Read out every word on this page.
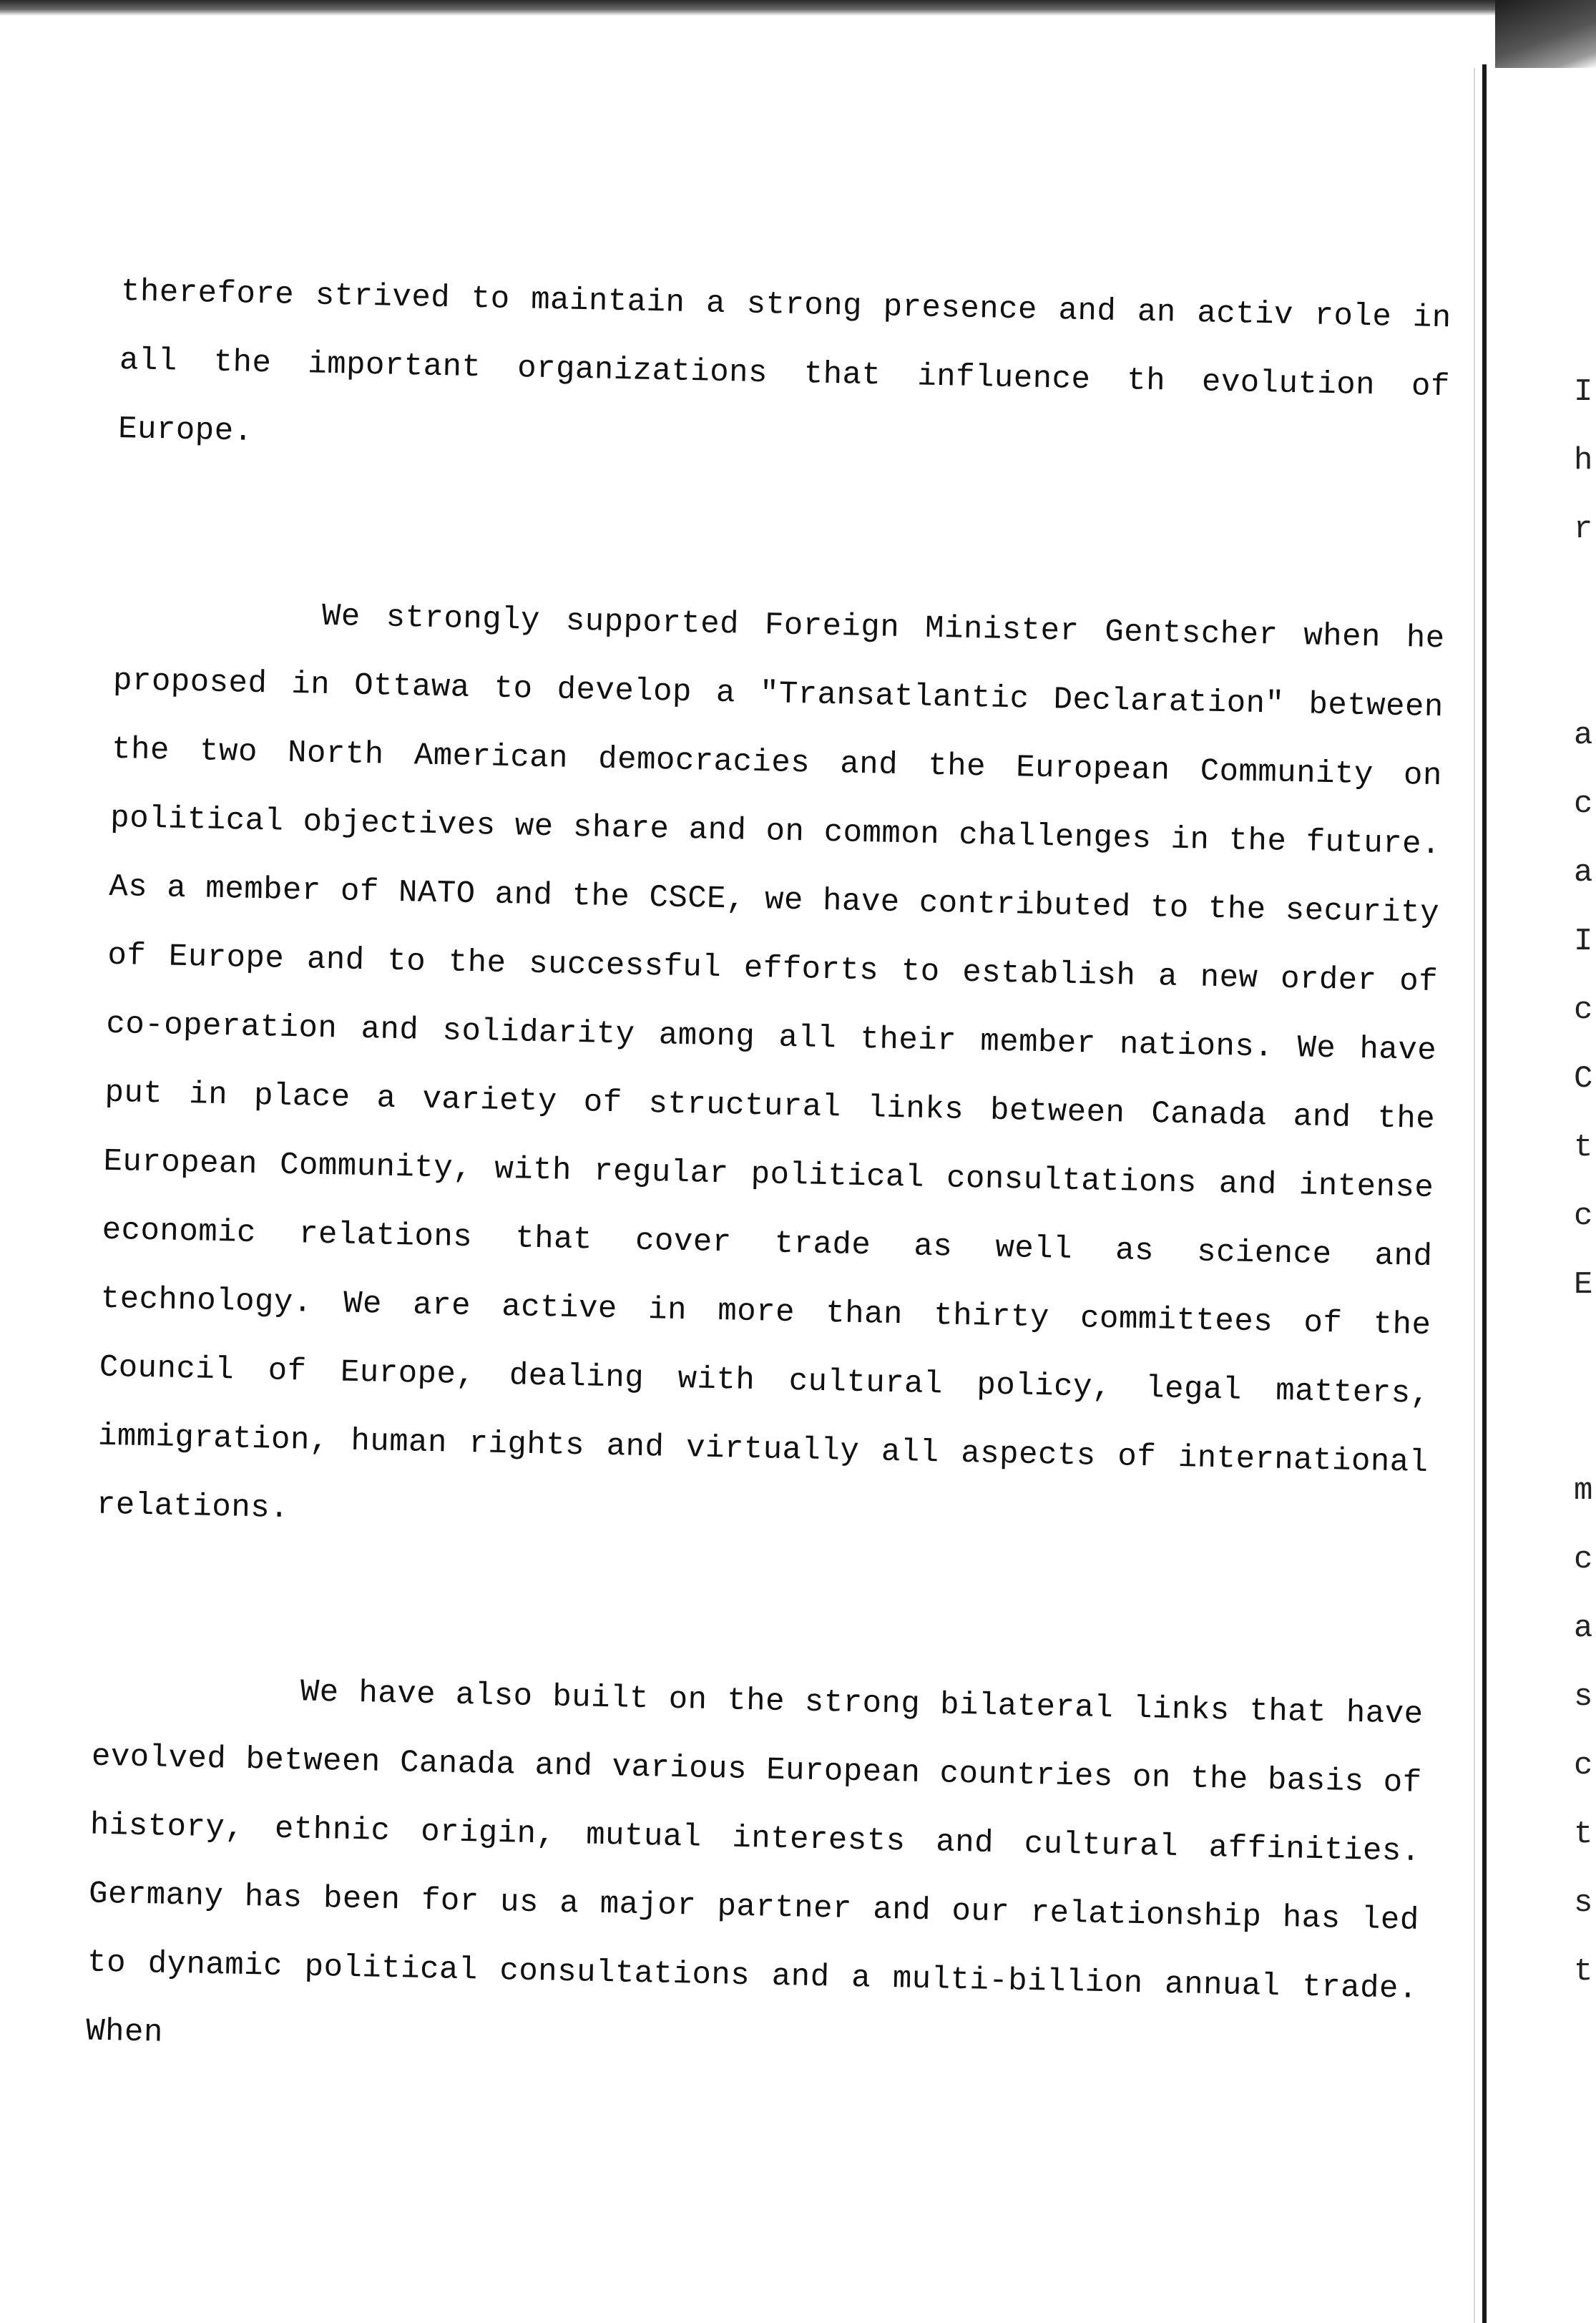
therefore strived to maintain a strong presence and an activ role in all the important organizations that influence th evolution of Europe.

We strongly supported Foreign Minister Gentscher when he proposed in Ottawa to develop a "Transatlantic Declaration" between the two North American democracies and the European Community on political objectives we share and on common challenges in the future. As a member of NATO and the CSCE, we have contributed to the security of Europe and to the successful efforts to establish a new order of co-operation and solidarity among all their member nations. We have put in place a variety of structural links between Canada and the European Community, with regular political consultations and intense economic relations that cover trade as well as science and technology. We are active in more than thirty committees of the Council of Europe, dealing with cultural policy, legal matters, immigration, human rights and virtually all aspects of international relations.

We have also built on the strong bilateral links that have evolved between Canada and various European countries on the basis of history, ethnic origin, mutual interests and cultural affinities. Germany has been for us a major partner and our relationship has led to dynamic political consultations and a multi-billion annual trade. When

I
h
r
a
c
a
I
c
C
t
c
E
m
c
a
s
c
t
s
t
